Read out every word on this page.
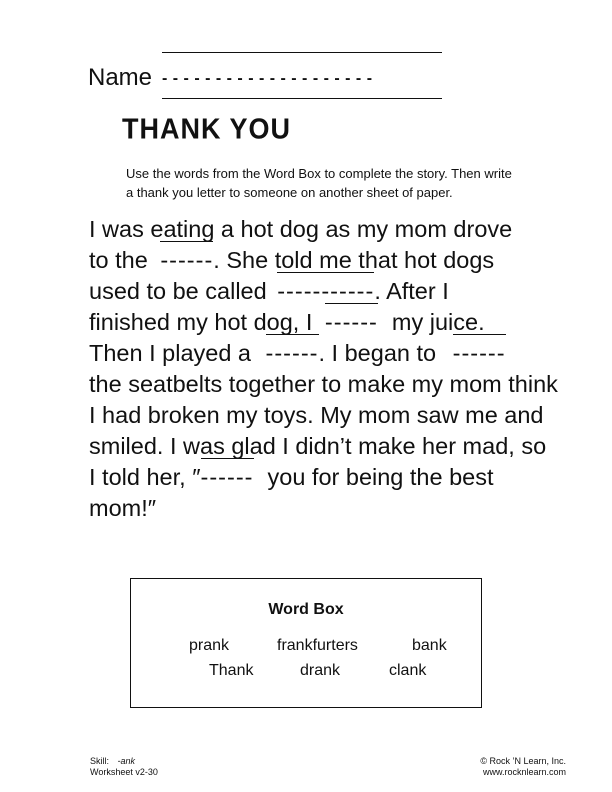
Name - - - - - - - - - - - - - - - - - - - -
THANK YOU
Use the words from the Word Box to complete the story. Then write
a thank you letter to someone on another sheet of paper.
I was eating a hot dog as my mom drove
to the ------. She told me that hot dogs
used to be called -----------. After I
finished my hot dog, I ------ my juice.
Then I played a ------. I began to ------
the seatbelts together to make my mom think
I had broken my toys. My mom saw me and
smiled. I was glad I didn’t make her mad, so
I told her, ″
------ you for being the best
mom!″
Word Box
prank	frankfurters	bank
Thank	drank	clank
Skill: -ank
Worksheet v2-30
© Rock ’N Learn, Inc.
www.rocknlearn.com
